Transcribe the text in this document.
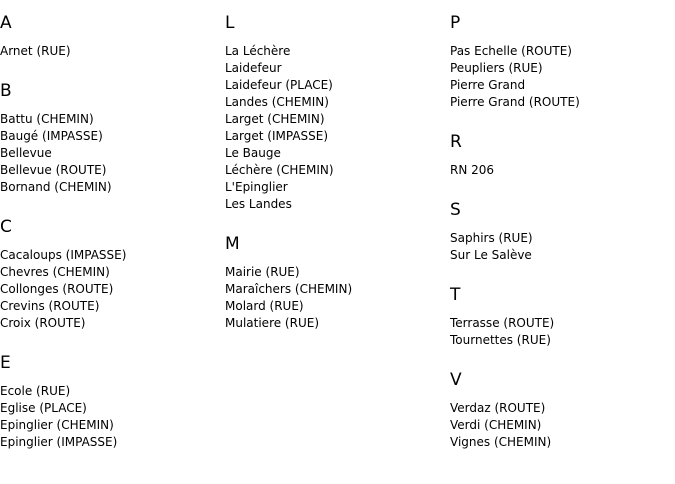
A
Arnet (RUE)
B
Battu (CHEMIN)
Baugé (IMPASSE)
Bellevue
Bellevue (ROUTE)
Bornand (CHEMIN)
C
Cacaloups (IMPASSE)
Chevres (CHEMIN)
Collonges (ROUTE)
Crevins (ROUTE)
Croix (ROUTE)
E
Ecole (RUE)
Eglise (PLACE)
Epinglier (CHEMIN)
Epinglier (IMPASSE)
L
La Léchère
Laidefeur
Laidefeur (PLACE)
Landes (CHEMIN)
Larget (CHEMIN)
Larget (IMPASSE)
Le Bauge
Léchère (CHEMIN)
L'Epinglier
Les Landes
M
Mairie (RUE)
Maraîchers (CHEMIN)
Molard (RUE)
Mulatiere (RUE)
P
Pas Echelle (ROUTE)
Peupliers (RUE)
Pierre Grand
Pierre Grand (ROUTE)
R
RN 206
S
Saphirs (RUE)
Sur Le Salève
T
Terrasse (ROUTE)
Tournettes (RUE)
V
Verdaz (ROUTE)
Verdi (CHEMIN)
Vignes (CHEMIN)
